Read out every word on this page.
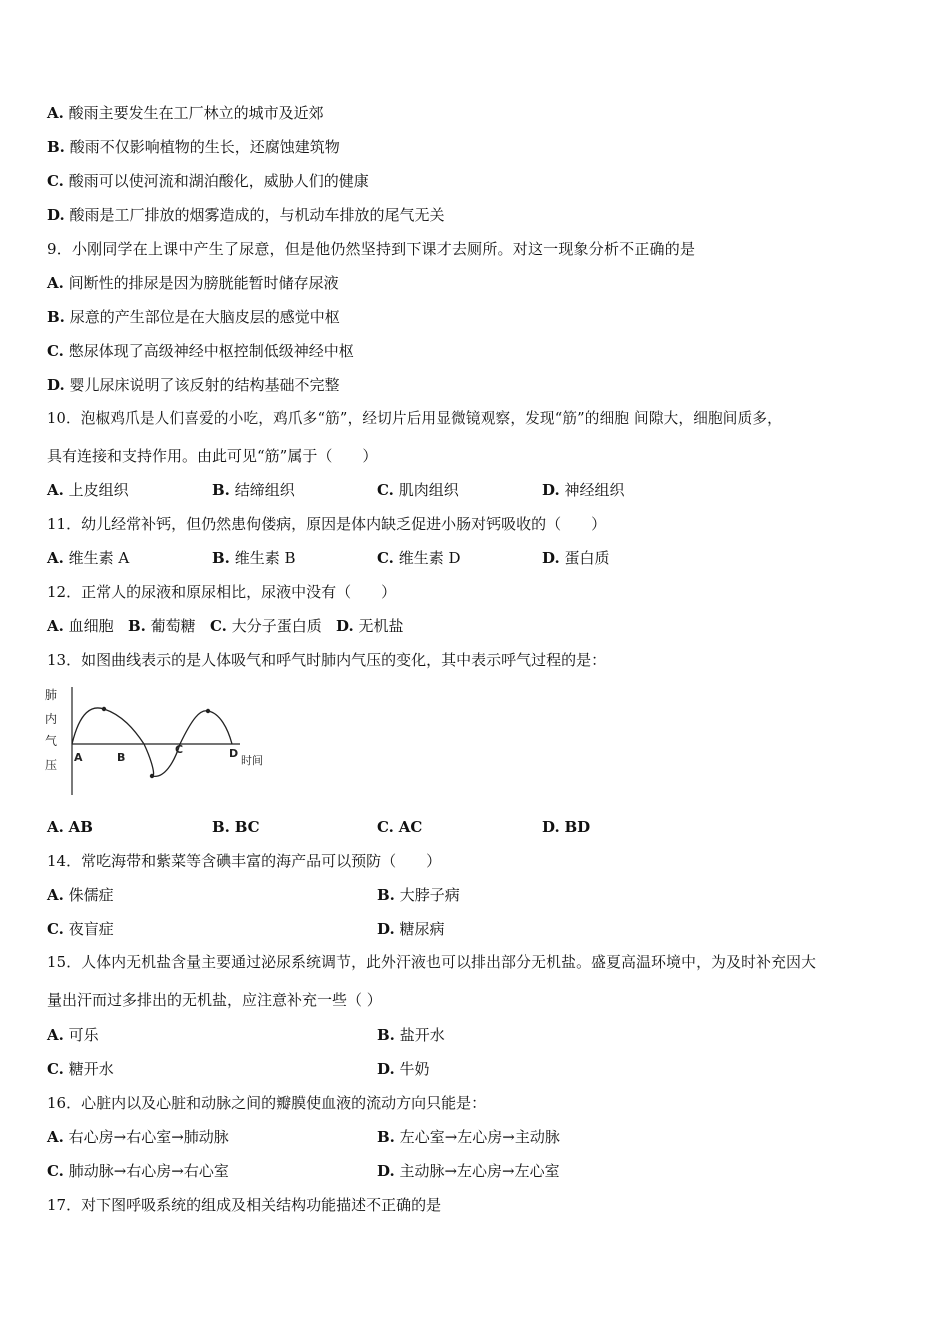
A. 酸雨主要发生在工厂林立的城市及近郊
B. 酸雨不仅影响植物的生长，还腐蚀建筑物
C. 酸雨可以使河流和湖泊酸化，威胁人们的健康
D. 酸雨是工厂排放的烟雾造成的，与机动车排放的尾气无关
9．小刚同学在上课中产生了尿意，但是他仍然坚持到下课才去厕所。对这一现象分析不正确的是
A. 间断性的排尿是因为膀胱能暂时储存尿液
B. 尿意的产生部位是在大脑皮层的感觉中枢
C. 憋尿体现了高级神经中枢控制低级神经中枢
D. 婴儿尿床说明了该反射的结构基础不完整
10．泡椒鸡爪是人们喜爱的小吃，鸡爪多“筋”，经切片后用显微镜观察，发现“筋”的细胞 间隙大，细胞间质多，
具有连接和支持作用。由此可见“筋”属于（　　）
A. 上皮组织	B. 结缔组织	C. 肌肉组织	D. 神经组织
11．幼儿经常补钙，但仍然患佝偻病，原因是体内缺乏促进小肠对钙吸收的（　　）
A. 维生素 A	B. 维生素 B	C. 维生素 D	D. 蛋白质
12．正常人的尿液和原尿相比，尿液中没有（　　）
A. 血细胞 B. 葡萄糖 C. 大分子蛋白质 D. 无机盐
13．如图曲线表示的是人体吸气和呼气时肺内气压的变化，其中表示呼气过程的是：
肺
内
气
压
A	B
C	D
时间
A. AB	B. BC	C. AC	D. BD
14．常吃海带和紫菜等含碘丰富的海产品可以预防（　　）
A. 侏儒症	B. 大脖子病
C. 夜盲症	D. 糖尿病
15．人体内无机盐含量主要通过泌尿系统调节，此外汗液也可以排出部分无机盐。盛夏高温环境中，为及时补充因大
量出汗而过多排出的无机盐，应注意补充一些（ ）
A. 可乐	B. 盐开水
C. 糖开水	D. 牛奶
16．心脏内以及心脏和动脉之间的瓣膜使血液的流动方向只能是：
A. 右心房→右心室→肺动脉	B. 左心室→左心房→主动脉
C. 肺动脉→右心房→右心室	D. 主动脉→左心房→左心室
17．对下图呼吸系统的组成及相关结构功能描述不正确的是
